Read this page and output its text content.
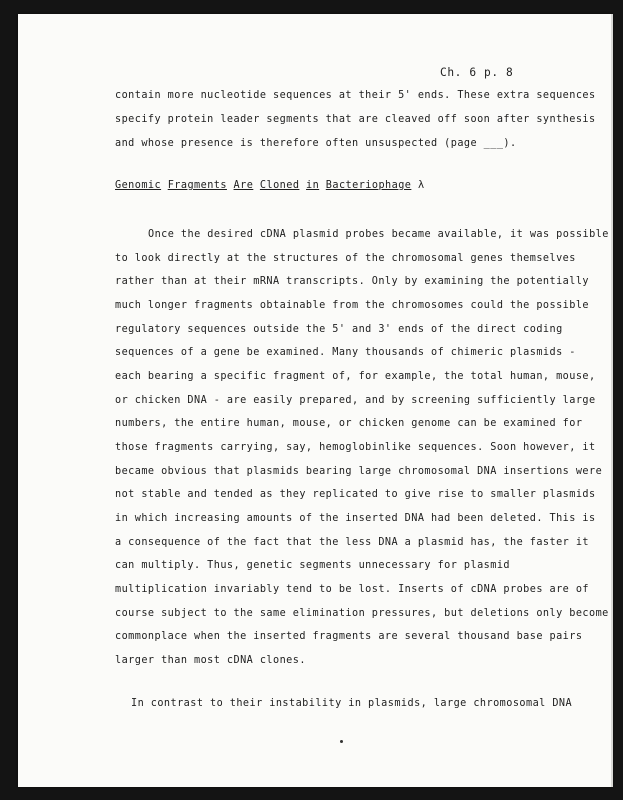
Ch. 6 p. 8
contain more nucleotide sequences at their 5' ends. These extra sequences
specify protein leader segments that are cleaved off soon after synthesis
and whose presence is therefore often unsuspected (page ___).
Genomic Fragments Are Cloned in Bacteriophage λ
Once the desired cDNA plasmid probes became available, it was possible
to look directly at the structures of the chromosomal genes themselves
rather than at their mRNA transcripts. Only by examining the potentially
much longer fragments obtainable from the chromosomes could the possible
regulatory sequences outside the 5' and 3' ends of the direct coding
sequences of a gene be examined. Many thousands of chimeric plasmids -
each bearing a specific fragment of, for example, the total human, mouse,
or chicken DNA - are easily prepared, and by screening sufficiently large
numbers, the entire human, mouse, or chicken genome can be examined for
those fragments carrying, say, hemoglobinlike sequences. Soon however, it
became obvious that plasmids bearing large chromosomal DNA insertions were
not stable and tended as they replicated to give rise to smaller plasmids
in which increasing amounts of the inserted DNA had been deleted. This is
a consequence of the fact that the less DNA a plasmid has, the faster it
can multiply. Thus, genetic segments unnecessary for plasmid
multiplication invariably tend to be lost. Inserts of cDNA probes are of
course subject to the same elimination pressures, but deletions only become
commonplace when the inserted fragments are several thousand base pairs
larger than most cDNA clones.
In contrast to their instability in plasmids, large chromosomal DNA
